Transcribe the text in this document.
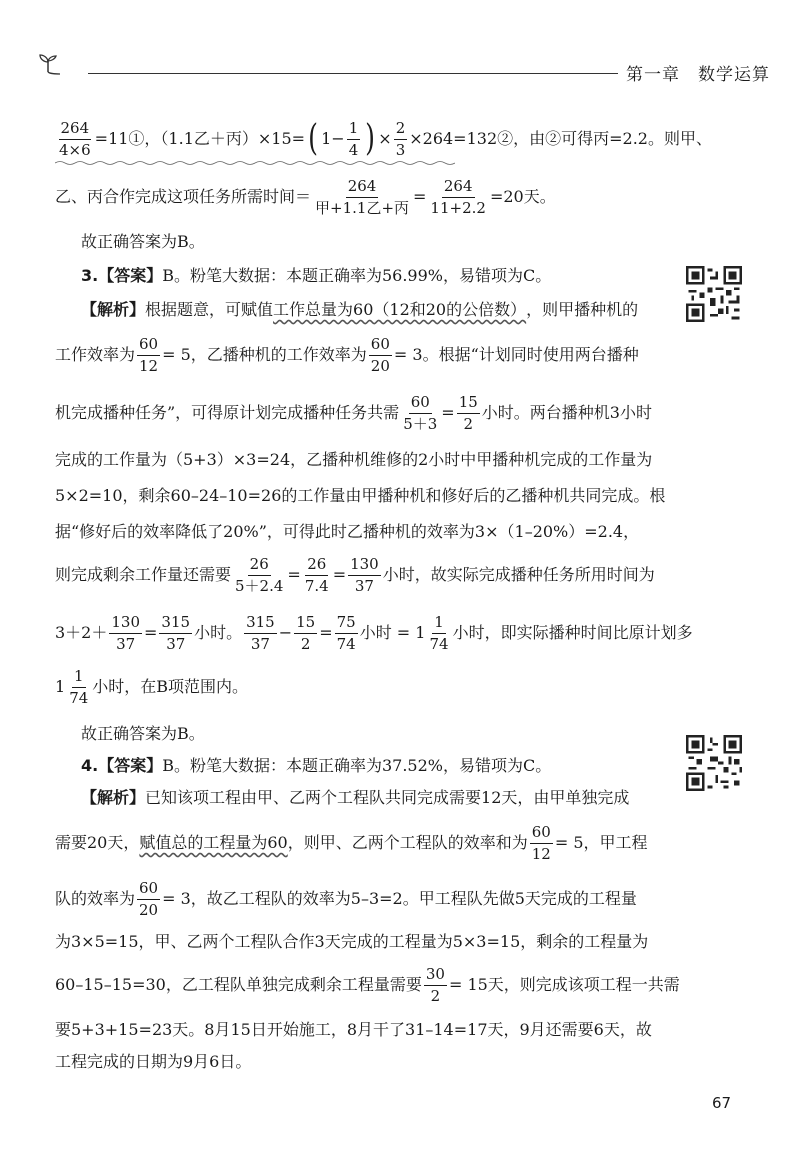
第一章　数学运算
$\frac{264}{4\times 6}$ =11①，（1.1乙＋丙）×15= ( $1- \frac{1}{4}$ ) × $\frac{2}{3}$ ×264=132②，由②可得丙=2.2。则甲、
乙、丙合作完成这项任务所需时间＝ $\frac{264}{\text{甲+1.1乙+丙}} = \frac{264}{11+2.2} =20$天。
故正确答案为B。
3.【答案】 B。粉笔大数据：本题正确率为56.99%，易错项为C。
【解析】 根据题意，可赋值 工作总量为60（12和20的公倍数） ，则甲播种机的
工作效率为 $\frac{60}{12} = 5$，乙播种机的工作效率为 $\frac{60}{20} = 3$。根据“计划同时使用两台播种
机完成播种任务”，可得原计划完成播种任务共需 $\frac{60}{5+3} = \frac{15}{2}$ 小时。两台播种机3小时
完成的工作量为（5+3）×3=24，乙播种机维修的2小时中甲播种机完成的工作量为
5×2=10，剩余60–24–10=26的工作量由甲播种机和修好后的乙播种机共同完成。根
据“修好后的效率降低了20%”，可得此时乙播种机的效率为3×（1–20%）=2.4，
则完成剩余工作量还需要 $\frac{26}{5+2.4} = \frac{26}{7.4} = \frac{130}{37}$ 小时，故实际完成播种任务所用时间为
$3+2+ \frac{130}{37} = \frac{315}{37}$ 小时。 $\frac{315}{37} - \frac{15}{2} = \frac{75}{74}$ 小时 = $1 \frac{1}{74}$ 小时，即实际播种时间比原计划多
$1 \frac{1}{74}$ 小时，在B项范围内。
故正确答案为B。
4.【答案】 B。粉笔大数据：本题正确率为37.52%，易错项为C。
【解析】 已知该项工程由甲、乙两个工程队共同完成需要12天，由甲单独完成
需要20天， 赋值总的工程量为60 ，则甲、乙两个工程队的效率和为 $\frac{60}{12} = 5$，甲工程
队的效率为 $\frac{60}{20} = 3$，故乙工程队的效率为5–3=2。甲工程队先做5天完成的工程量
为3×5=15，甲、乙两个工程队合作3天完成的工程量为5×3=15，剩余的工程量为
60–15–15=30，乙工程队单独完成剩余工程量需要 $\frac{30}{2} = 15$天，则完成该项工程一共需
要5+3+15=23天。8月15日开始施工，8月干了31–14=17天，9月还需要6天，故
工程完成的日期为9月6日。
67
